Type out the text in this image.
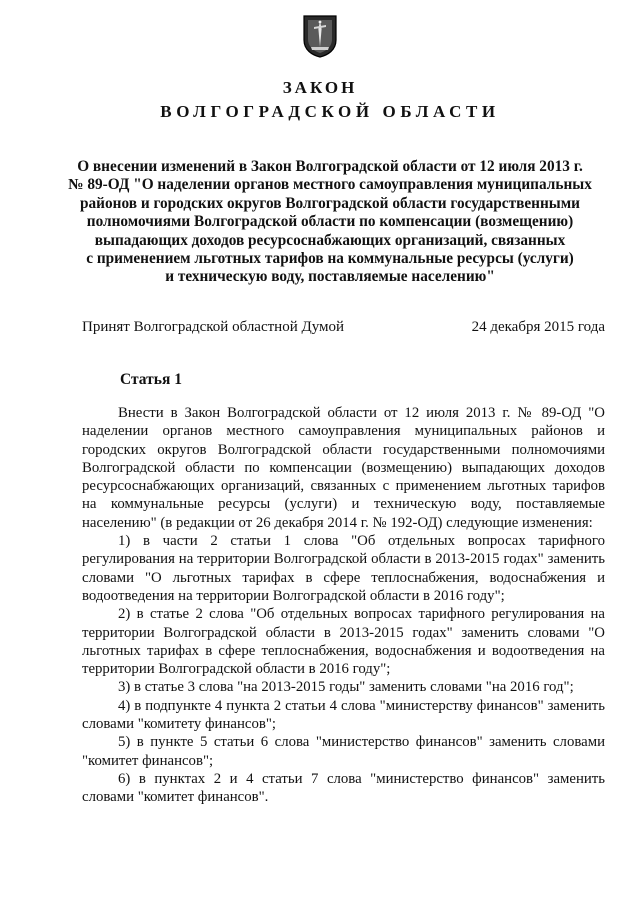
ЗАКОН
ВОЛГОГРАДСКОЙ ОБЛАСТИ
О внесении изменений в Закон Волгоградской области от 12 июля 2013 г.
№ 89-ОД "О наделении органов местного самоуправления муниципальных
районов и городских округов Волгоградской области государственными
полномочиями Волгоградской области по компенсации (возмещению)
выпадающих доходов ресурсоснабжающих организаций, связанных
с применением льготных тарифов на коммунальные ресурсы (услуги)
и техническую воду, поставляемые населению"
Принят Волгоградской областной Думой	24 декабря 2015 года
Статья 1

Внести в Закон Волгоградской области от 12 июля 2013 г. № 89-ОД "О наделении органов местного самоуправления муниципальных районов и городских округов Волгоградской области государственными полномочиями Волгоградской области по компенсации (возмещению) выпадающих доходов ресурсоснабжающих организаций, связанных с применением льготных тарифов на коммунальные ресурсы (услуги) и техническую воду, поставляемые населению" (в редакции от 26 декабря 2014 г. № 192-ОД) следующие изменения:

1) в части 2 статьи 1 слова "Об отдельных вопросах тарифного регулирования на территории Волгоградской области в 2013-2015 годах" заменить словами "О льготных тарифах в сфере теплоснабжения, водоснабжения и водоотведения на территории Волгоградской области в 2016 году";

2) в статье 2 слова "Об отдельных вопросах тарифного регулирования на территории Волгоградской области в 2013-2015 годах" заменить словами "О льготных тарифах в сфере теплоснабжения, водоснабжения и водоотведения на территории Волгоградской области в 2016 году";

3) в статье 3 слова "на 2013-2015 годы" заменить словами "на 2016 год";

4) в подпункте 4 пункта 2 статьи 4 слова "министерству финансов" заменить словами "комитету финансов";

5) в пункте 5 статьи 6 слова "министерство финансов" заменить словами "комитет финансов";

6) в пунктах 2 и 4 статьи 7 слова "министерство финансов" заменить словами "комитет финансов".
